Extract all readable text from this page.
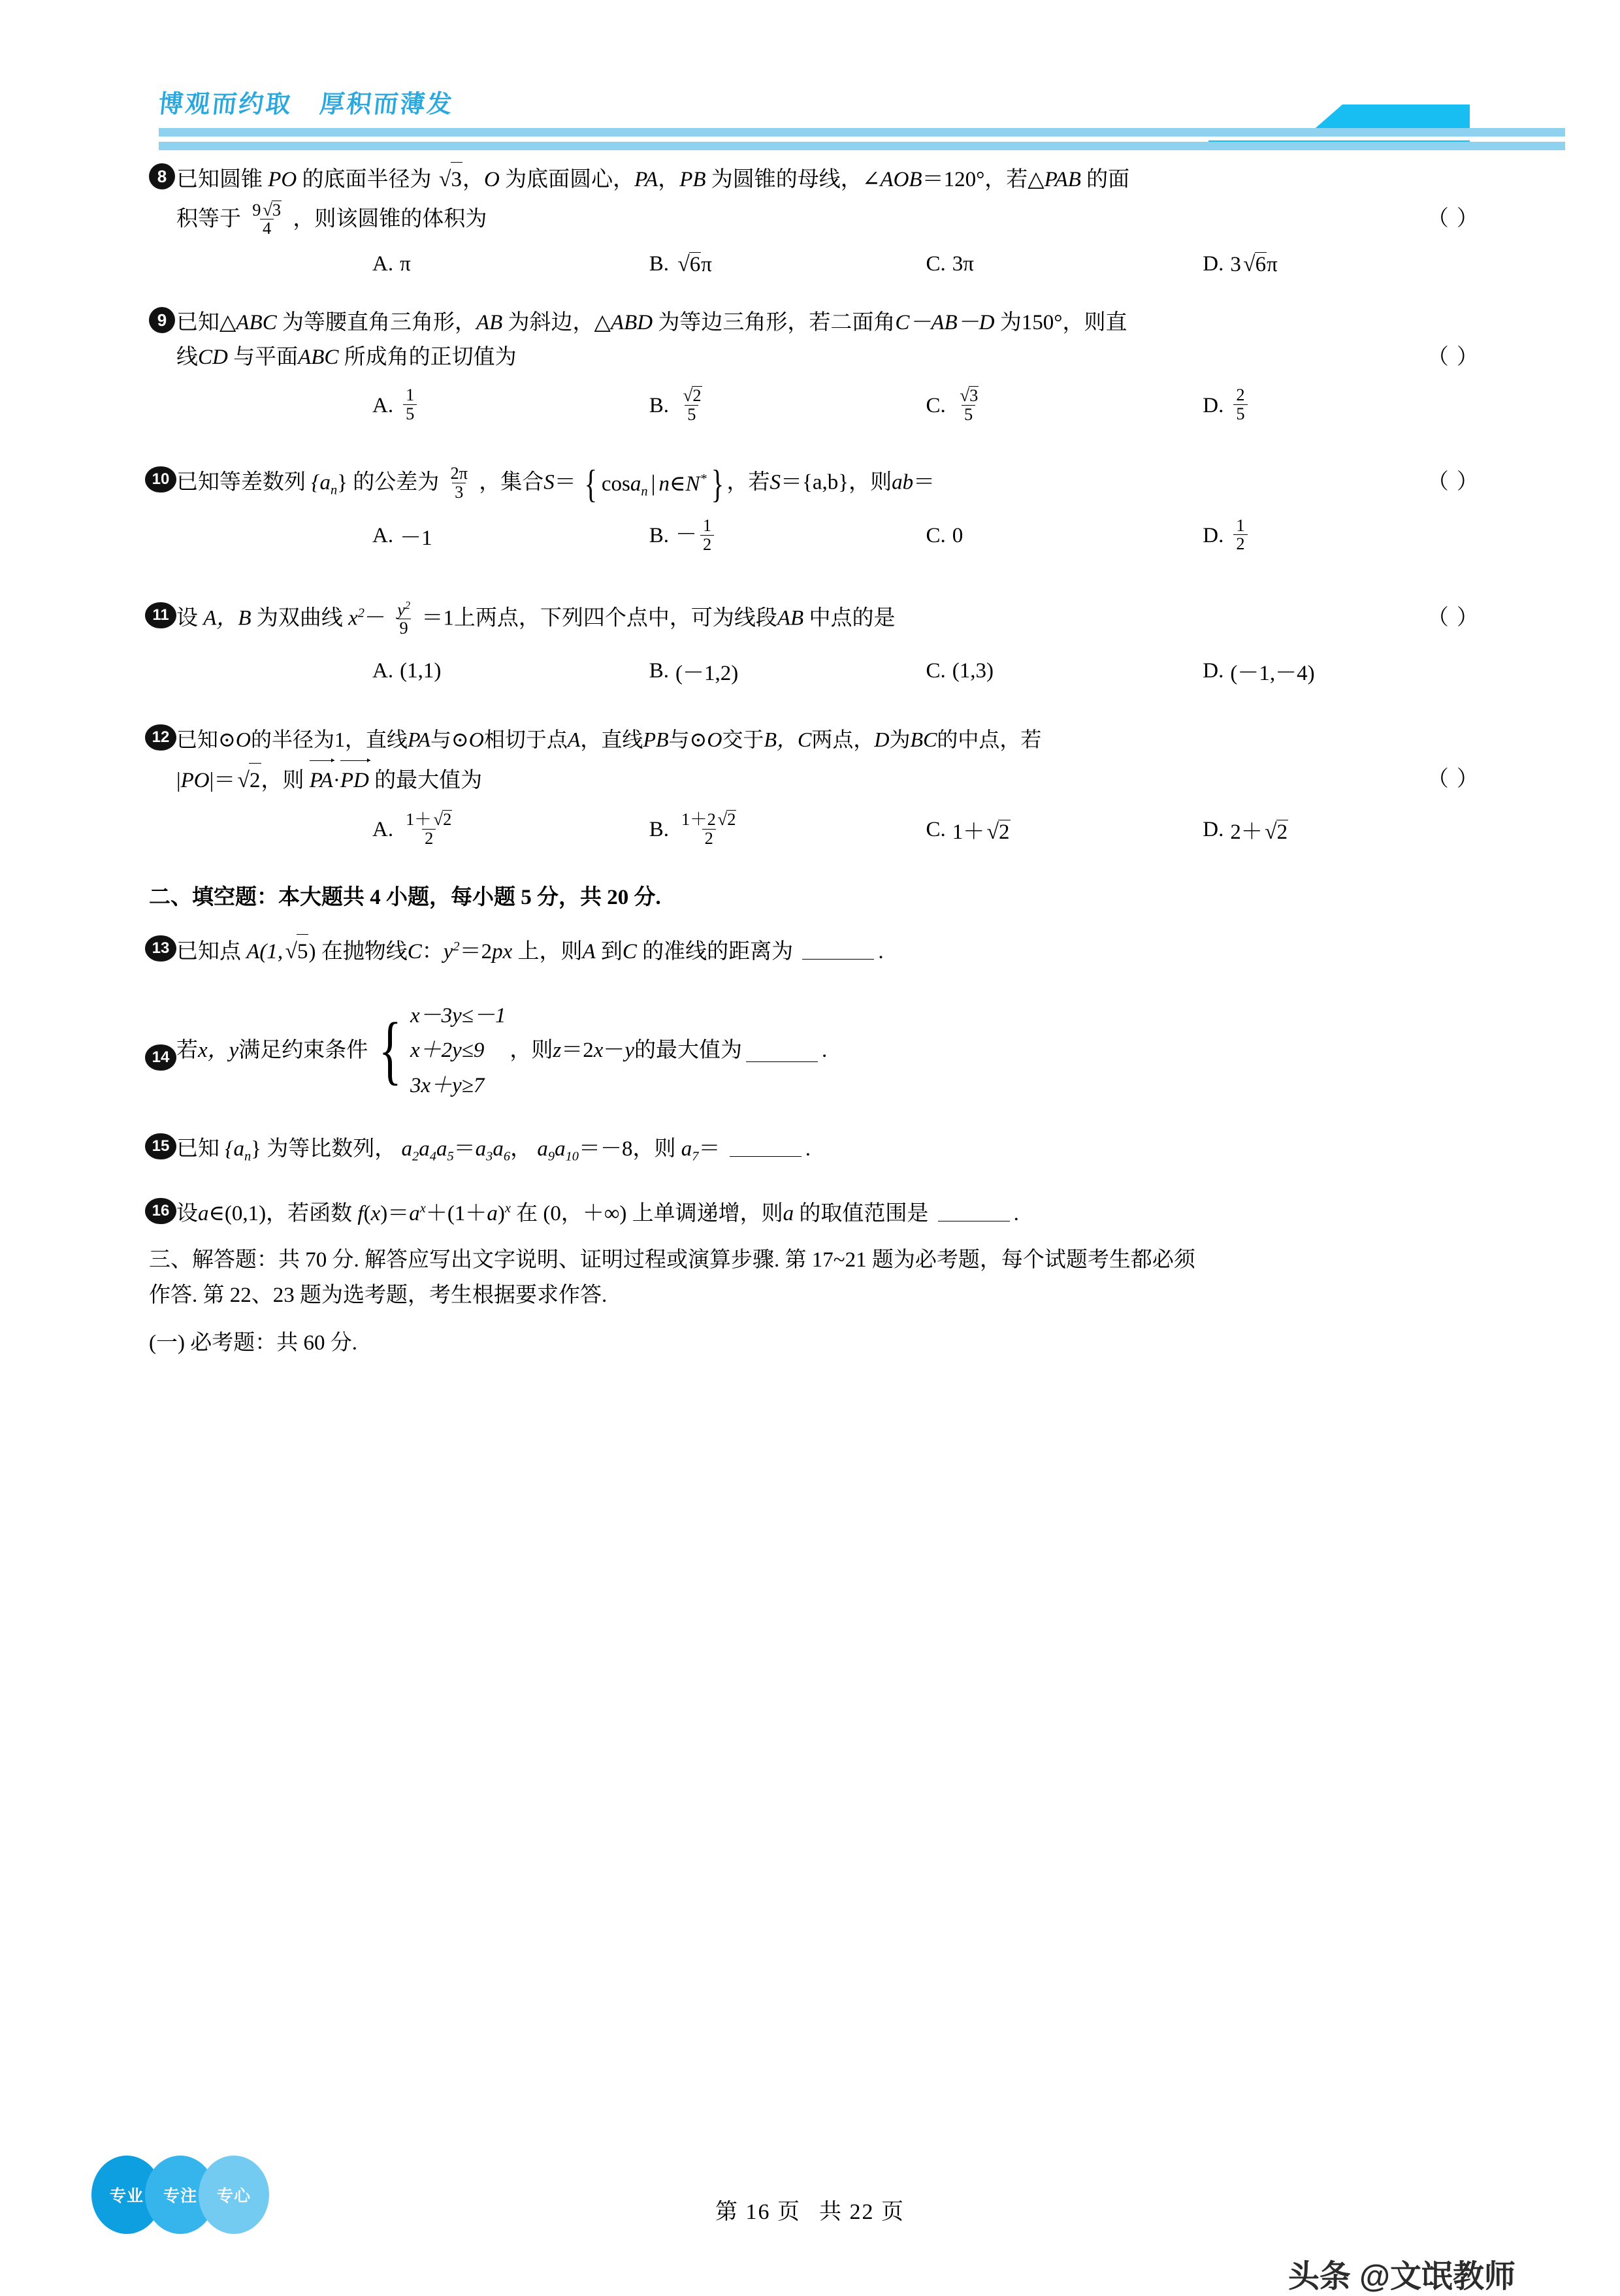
博观而约取 厚积而薄发
8 已知圆锥 PO 的底面半径为 √3，O 为底面圆心，PA，PB 为圆锥的母线，∠AOB＝120°，若△PAB 的面
积等于 $\frac{9√3}{4}$ ，则该圆锥的体积为	（ ）
A. π	B. √6π	C. 3π	D. 3√6π
9 已知△ABC 为等腰直角三角形，AB 为斜边，△ABD 为等边三角形，若二面角C－AB－D 为150°，则直
线CD 与平面ABC 所成角的正切值为	（ ）
A. $\frac{1}{5}$	B. $\frac{√2}{5}$	C. $\frac{√3}{5}$	D. $\frac{2}{5}$
10 已知等差数列 $\{a_n\}$ 的公差为 $\frac{2\pi}{3}$ ，集合S＝ { cosa$_n$ | n∈N* } ，若S＝{a,b}，则ab＝	（ ）
A. －1	B. － $\frac{1}{2}$	C. 0	D. $\frac{1}{2}$
11 设 A，B 为双曲线 $x^2- \frac{y^2}{9} =1$上两点，下列四个点中，可为线段AB 中点的是	（ ）
A. (1,1)	B. (－1,2)	C. (1,3)	D. (－1,－4)
12 已知⊙O的半径为1，直线PA与⊙O相切于点A，直线PB与⊙O交于B，C两点，D为BC的中点，若
|PO|＝√2，则 PA·PD 的最大值为	（ ）
A. $\frac{1+√2}{2}$	B. $\frac{1+2√2}{2}$	C. 1＋√2	D. 2＋√2
二、填空题：本大题共 4 小题，每小题 5 分，共 20 分.
13 已知点 A(1,√5) 在抛物线C：$y^2=2px$ 上，则A 到C 的准线的距离为	.
14 若 x，y 满足约束条件 { x－3y≤－1
x＋2y≤9
3x＋y≥7
，则 z ＝2 x － y 的最大值为	.
15 已知 $\{a_n\}$ 为等比数列， $a_2a_4a_5=a_3a_6$， $a_9a_{10}=-8$，则 $a_7=$	.
16 设a∈(0,1)，若函数 $f(x)=a^x+(1+a)^x$ 在 (0，＋∞) 上单调递增，则a 的取值范围是	.
三、解答题：共 70 分. 解答应写出文字说明、证明过程或演算步骤. 第 17~21 题为必考题，每个试题考生都必须
作答. 第 22、23 题为选考题，考生根据要求作答.
(一) 必考题：共 60 分.
专业	专注	专心
第 16 页 共 22 页
头条 @文氓教师
